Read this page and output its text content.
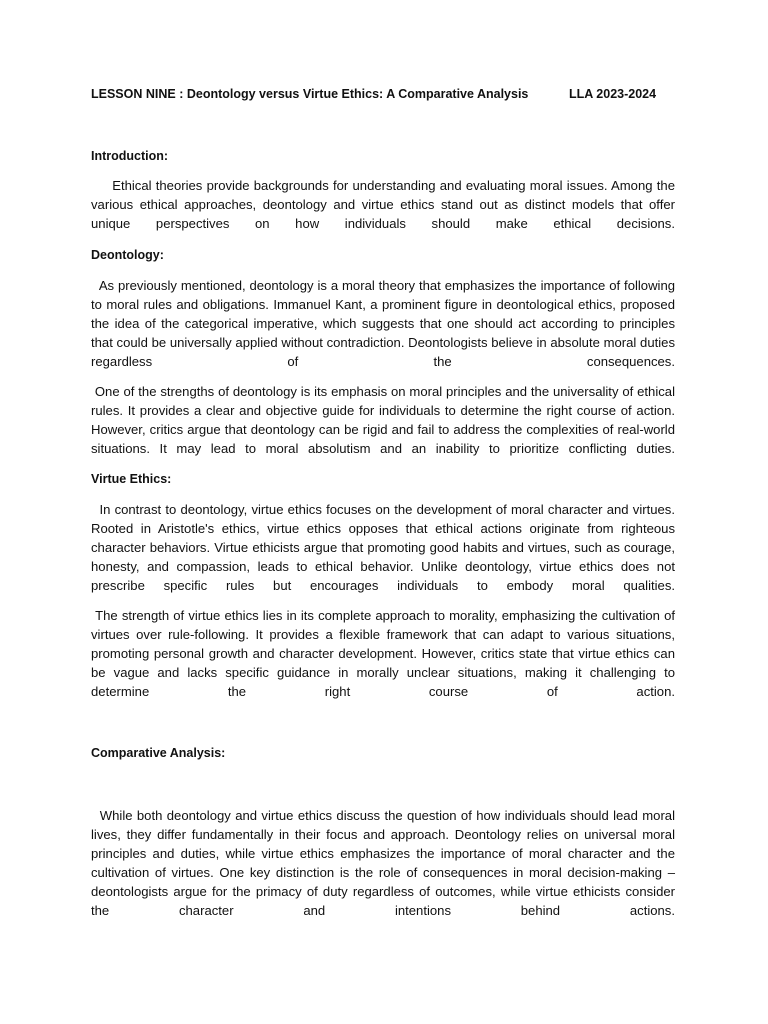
LESSON NINE : Deontology versus Virtue Ethics: A Comparative Analysis	LLA 2023-2024
Introduction:
Ethical theories provide backgrounds for understanding and evaluating moral issues. Among the various ethical approaches, deontology and virtue ethics stand out as distinct models that offer unique perspectives on how individuals should make ethical decisions.
Deontology:
As previously mentioned, deontology is a moral theory that emphasizes the importance of following to moral rules and obligations. Immanuel Kant, a prominent figure in deontological ethics, proposed the idea of the categorical imperative, which suggests that one should act according to principles that could be universally applied without contradiction. Deontologists believe in absolute moral duties regardless of the consequences.
One of the strengths of deontology is its emphasis on moral principles and the universality of ethical rules. It provides a clear and objective guide for individuals to determine the right course of action. However, critics argue that deontology can be rigid and fail to address the complexities of real-world situations. It may lead to moral absolutism and an inability to prioritize conflicting duties.
Virtue Ethics:
In contrast to deontology, virtue ethics focuses on the development of moral character and virtues. Rooted in Aristotle's ethics, virtue ethics opposes that ethical actions originate from righteous character behaviors. Virtue ethicists argue that promoting good habits and virtues, such as courage, honesty, and compassion, leads to ethical behavior. Unlike deontology, virtue ethics does not prescribe specific rules but encourages individuals to embody moral qualities.
The strength of virtue ethics lies in its complete approach to morality, emphasizing the cultivation of virtues over rule-following. It provides a flexible framework that can adapt to various situations, promoting personal growth and character development. However, critics state that virtue ethics can be vague and lacks specific guidance in morally unclear situations, making it challenging to determine the right course of action.
Comparative Analysis:
While both deontology and virtue ethics discuss the question of how individuals should lead moral lives, they differ fundamentally in their focus and approach. Deontology relies on universal moral principles and duties, while virtue ethics emphasizes the importance of moral character and the cultivation of virtues. One key distinction is the role of consequences in moral decision-making – deontologists argue for the primacy of duty regardless of outcomes, while virtue ethicists consider the character and intentions behind actions.
